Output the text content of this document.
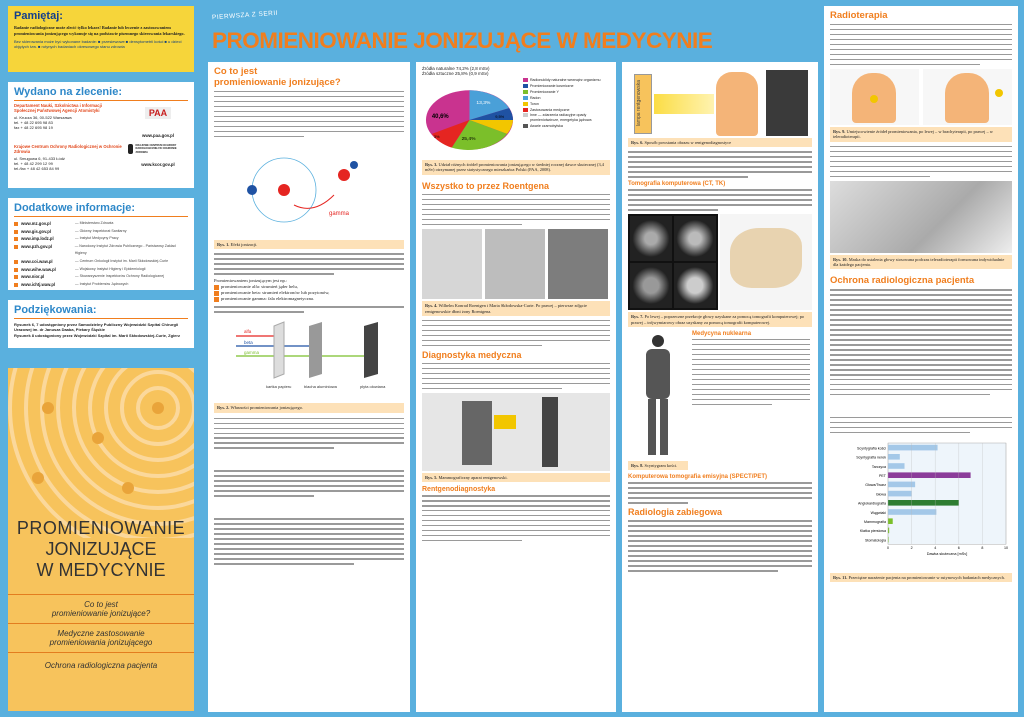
Pamiętaj:
Badanie radiologiczne może zlecić tylko lekarz! Badanie lub leczenie z zastosowaniem promieniowania jonizującego wykonuje się na podstawie pisemnego skierowania lekarskiego.
Bez skierowania może być wykonane badanie: ■ przesiewowe ■ densytometrii kości ■ u dzieci objętych tzw. ■ rutynych badaniach okresowego stanu zdrowia
Wydano na zlecenie:
Departament Nauki, Szkolnictwa i Informacji Społecznej Państwowej Agencji Atomistyki
ul. Krucza 36, 00-522 Warszawa
tel. + 48 22 695 98 83
fax + 48 22 695 98 19
PAA
www.paa.gov.pl
Krajowe Centrum Ochrony Radiologicznej w Ochronie Zdrowia
ul. Smugowa 6, 91-433 Łódź
tel. + 48 42 299 12 99
tel./fax + 48 42 653 84 99
KRAJOWE CENTRUM OCHRONY RADIOLOGICZNEJ W OCHRONIE ZDROWIA
www.kcor.gov.pl
Dodatkowe informacje:
www.mz.gov.pl	— Ministerstwo Zdrowia
www.gis.gov.pl	— Główny Inspektorat Sanitarny
www.imp.lodz.pl	— Instytut Medycyny Pracy
www.pzh.gov.pl	— Narodowy Instytut Zdrowia Publicznego - Państwowy Zakład Higieny
www.coi.waw.pl	— Centrum Onkologii Instytut im. Marii Skłodowskiej-Curie
www.wihe.waw.pl	— Wojskowy Instytut Higieny i Epidemiologii
www.nior.pl	— Stowarzyszenie Inspektorów Ochrony Radiologicznej
www.ichtj.waw.pl	— Instytut Problemów Jądrowych
Podziękowania:
Rysunek 6, 7 udostępniony przez Samodzielny Publiczny Wojewódzki Szpital Chirurgii Urazowej im. dr Janusza Daaba, Piekary Śląskie
Rysunek 8 udostępniony przez Wojewódzki Szpital im. Marii Skłodowskiej-Curie, Zgierz
PROMIENIOWANIE
JONIZUJĄCE
W MEDYCYNIE
Co to jest
promieniowanie jonizujące?
Medyczne zastosowanie
promieniowania jonizującego
Ochrona radiologiczna pacjenta
PIERWSZA Z SERII
PROMIENIOWANIE JONIZUJĄCE W MEDYCYNIE
Co to jest
promieniowanie jonizujące?
gamma
Rys. 1. Efekt jonizacji.
Promieniowaniem jonizującym jest np.:
promieniowanie alfa: strumień jąder helu,
promieniowanie beta: strumień elektronów lub pozytonów,
promieniowanie gamma: fala elektromagnetyczna.
alfa
beta
gamma
kartka papieru	blacha aluminiowa	płyta ołowiana
Rys. 2. Własności promieniowania jonizującego.

Źródła naturalne 74,2% (2,8 mSv)
Źródła sztuczne 25,8% (0,9 mSv)
40,6%
13,3%
9,5%
25,4%
3%
Radionuklidy naturalne wewnątrz organizmu
Promieniowanie kosmiczne
Promieniowanie Y
Radon
Toron
Zastosowania medyczne
Inne — zdarzenia radiacyjne opady promieniotwórcze, energetyka jądrowa
Awarie czarnobylska
Rys. 3. Udział różnych źródeł promieniowania jonizującego w średniej rocznej dawce skutecznej (3,4 mSv) otrzymanej przez statystycznego mieszkańca Polski (PAA, 2008).
Wszystko to przez Roentgena
Rys. 4. Wilhelm Konrad Roentgen i Maria Skłodowska-Curie. Po prawej – pierwsze zdjęcie rentgenowskie dłoni żony Roentgena.
Diagnostyka medyczna
Rys. 5. Mammograficzny aparat rentgenowski.
Rentgenodiagnostyka
lampa rentgenowska
Rys. 6. Sposób powstania obrazu w rentgenodiagnostyce
Tomografia komputerowa (CT, TK)
Rys. 7. Po lewej – poprzeczne przekroje głowy uzyskane za pomocą tomografii komputerowej; po prawej – trójwymiarowy obraz uzyskany za pomocą tomografii komputerowej.
Medycyna nuklearna
Rys. 8. Scyntygram kości.
Komputerowa tomografia emisyjna (SPECT/PET)
Radiologia zabiegowa
Radioterapia
Rys. 9. Umiejscowienie źródeł promieniowania, po lewej – w brachyterapii, po prawej – w teleradioterapii.
Rys. 10. Maska do ustalenia głowy stosowana podczas teleradioterapii formowana indywidualnie dla każdego pacjenta.
Ochrona radiologiczna pacjenta

Scyntygrafia kości
Scyntygrafia nerek
Tarczyca
PET
Głowa/Twarz
Głowa
Angiokardiografia
Wągwiaki
Mammografia
Klatka piersiowa
Stomatologia
0	2	4	6	8	10
Dawka skuteczna [mSv]
Rys. 11. Przeciętne narażenie pacjenta na promieniowanie w rutynowych badaniach medycznych.
